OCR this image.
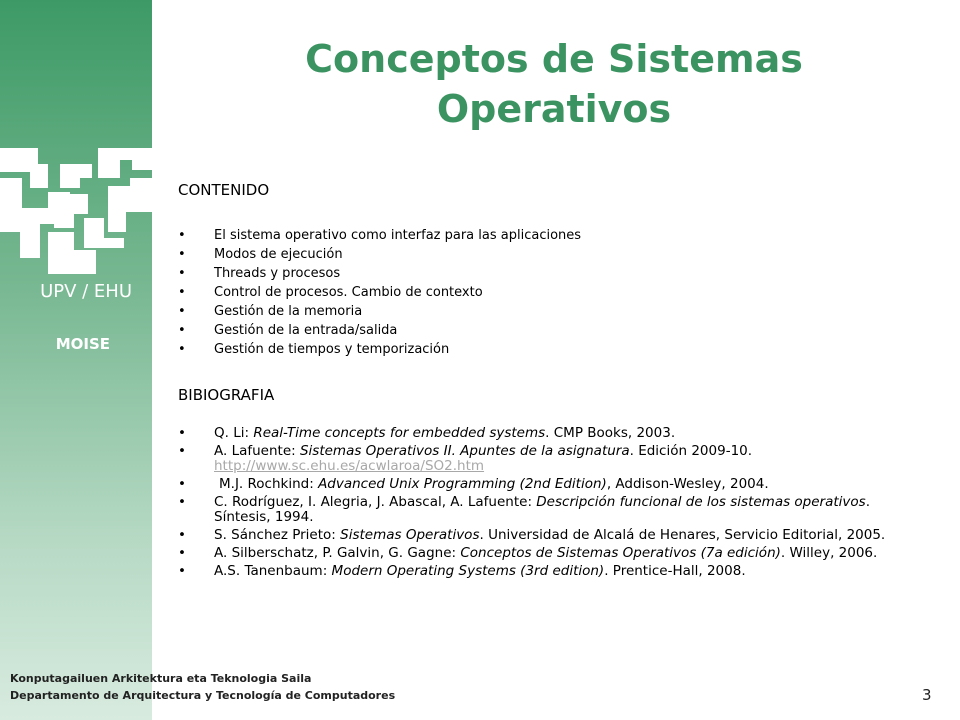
UPV / EHU
MOISE
Conceptos de Sistemas Operativos
CONTENIDO
• El sistema operativo como interfaz para las aplicaciones
• Modos de ejecución
• Threads y procesos
• Control de procesos. Cambio de contexto
• Gestión de la memoria
• Gestión de la entrada/salida
• Gestión de tiempos y temporización
BIBIOGRAFIA
• Q. Li: Real-Time concepts for embedded systems. CMP Books, 2003.
• A. Lafuente: Sistemas Operativos II. Apuntes de la asignatura. Edición 2009-10. http://www.sc.ehu.es/acwlaroa/SO2.htm
• M.J. Rochkind: Advanced Unix Programming (2nd Edition), Addison-Wesley, 2004.
• C. Rodríguez, I. Alegria, J. Abascal, A. Lafuente: Descripción funcional de los sistemas operativos. Síntesis, 1994.
• S. Sánchez Prieto: Sistemas Operativos. Universidad de Alcalá de Henares, Servicio Editorial, 2005.
• A. Silberschatz, P. Galvin, G. Gagne: Conceptos de Sistemas Operativos (7a edición). Willey, 2006.
• A.S. Tanenbaum: Modern Operating Systems (3rd edition). Prentice-Hall, 2008.
Konputagailuen Arkitektura eta Teknologia Saila
Departamento de Arquitectura y Tecnología de Computadores	3
